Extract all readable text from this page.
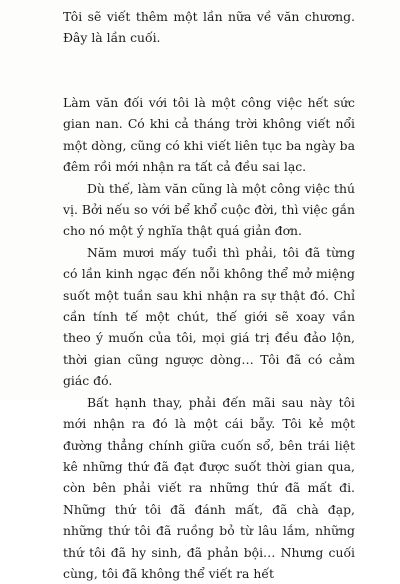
Tôi sẽ viết thêm một lần nữa về văn chương. Đây là lần cuối.

Làm văn đối với tôi là một công việc hết sức gian nan. Có khi cả tháng trời không viết nổi một dòng, cũng có khi viết liên tục ba ngày ba đêm rồi mới nhận ra tất cả đều sai lạc.

Dù thế, làm văn cũng là một công việc thú vị. Bởi nếu so với bể khổ cuộc đời, thì việc gắn cho nó một ý nghĩa thật quá giản đơn.

Năm mươi mấy tuổi thì phải, tôi đã từng có lần kinh ngạc đến nỗi không thể mở miệng suốt một tuần sau khi nhận ra sự thật đó. Chỉ cần tính tế một chút, thế giới sẽ xoay vần theo ý muốn của tôi, mọi giá trị đều đảo lộn, thời gian cũng ngược dòng… Tôi đã có cảm giác đó.

Bất hạnh thay, phải đến mãi sau này tôi mới nhận ra đó là một cái bẫy. Tôi kẻ một đường thẳng chính giữa cuốn sổ, bên trái liệt kê những thứ đã đạt được suốt thời gian qua, còn bên phải viết ra những thứ đã mất đi. Những thứ tôi đã đánh mất, đã chà đạp, những thứ tôi đã ruồng bỏ từ lâu lắm, những thứ tôi đã hy sinh, đã phản bội… Nhưng cuối cùng, tôi đã không thể viết ra hết
